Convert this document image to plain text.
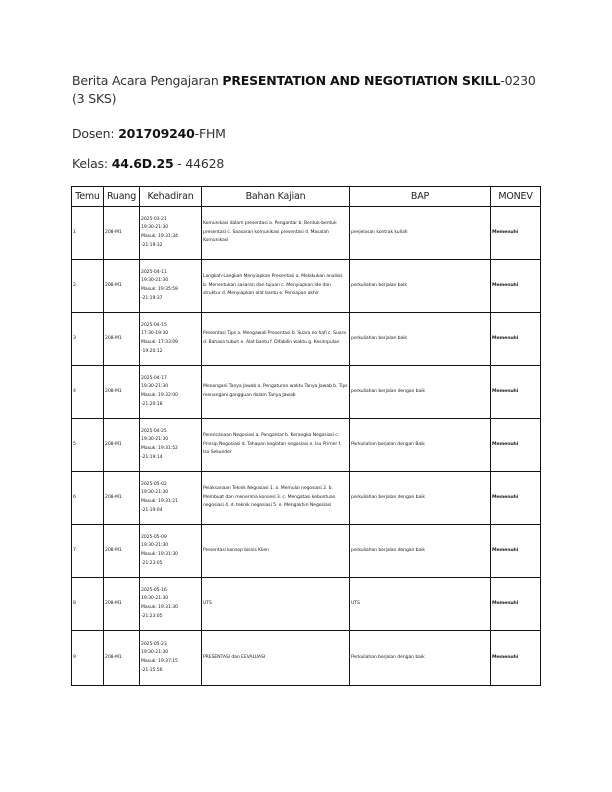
Berita Acara Pengajaran PRESENTATION AND NEGOTIATION SKILL-0230 (3 SKS)
Dosen: 201709240-FHM
Kelas: 44.6D.25 - 44628
Temu	Ruang	Kehadiran	Bahan Kajian	BAP	MONEV
1	208-M1	2025-03-21
19:30-21:30
Masuk: 19:31:34
-21:19:32	Komunikasi dalam presentasi a. Pengantar b. Bentuk-bentuk presentasi c. Saasaran komunikasi presentasi d. Masalah Komunikasi	penjelasan kontrak kuliah	Memenuhi
2	208-M1	2025-04-11
19:30-21:30
Masuk: 19:35:59
-21:19:37	Langkah-Langkah Menyiapkan Presentasi a. Melakukan analisis b. Menentukan sasaran dan tujuan c. Menyiapkan ide dan struktur d. Menyiapkan alat bantu e. Persiapan akhir	perkuliahan berjalan baik	Memenuhi
3	208-M1	2025-04-15
17:30-19:30
Masuk: 17:33:09
-19:20:12	Presentasi Tips a. Mengawali Presentasi b. Suara no hafi c. Suara d. Bahasa tubuh e. Alat bantu f. Difabilin waktu g. Kesimpulan	perkuliahan berjalan baik	Memenuhi
4	208-M1	2025-04-17
19:30-21:30
Masuk: 19:32:00
-21:20:18	Menangani Tanya Jawab a. Pengaturan waktu Tanya Jawab b. Tips menangani gangguan dalam Tanya Jawab	perkuliahan berjalan dengan baik	Memenuhi
5	208-M1	2025-04-25
19:30-21:30
Masuk: 19:31:52
-21:19:14	Perencanaan Negosiasi a. Pengantar b. Kerangka Negosiasi c. Prinsip Negosiasi d. Tahapan kegiatan negosiasi e. Isu Primer f. Isu Sekunder	Perkuliahan berjalan dengan Baik	Memenuhi
6	208-M1	2025-05-02
19:30-21:30
Masuk: 19:31:21
-21:19:04	Pelaksanaan Teknik Negosiasi 1. a. Memulai negosiasi 2. b. Membuat dan menerima konsesi 3. c. Mengatasi kebuntuan negosiasi 4. d. teknik negosiasi 5. e. Mengakhiri Negosiasi	perkuliahan berjalan dengan baik	Memenuhi
7	208-M1	2025-05-09
19:30-21:30
Masuk: 19:31:30
-21:23:05	Presentasi konsep bisnis Klien	perkuliahan berjalan dengan baik	Memenuhi
8	208-M1	2025-05-16
19:30-21:30
Masuk: 19:31:30
-21:23:05	UTS	UTS	Memenuhi
9	208-M1	2025-05-23
19:30-21:30
Masuk: 19:37:15
-21:15:56	PRESENTASI dan EEVALUASI	Perkuliahan berjalan dengan baik	Memenuhi
